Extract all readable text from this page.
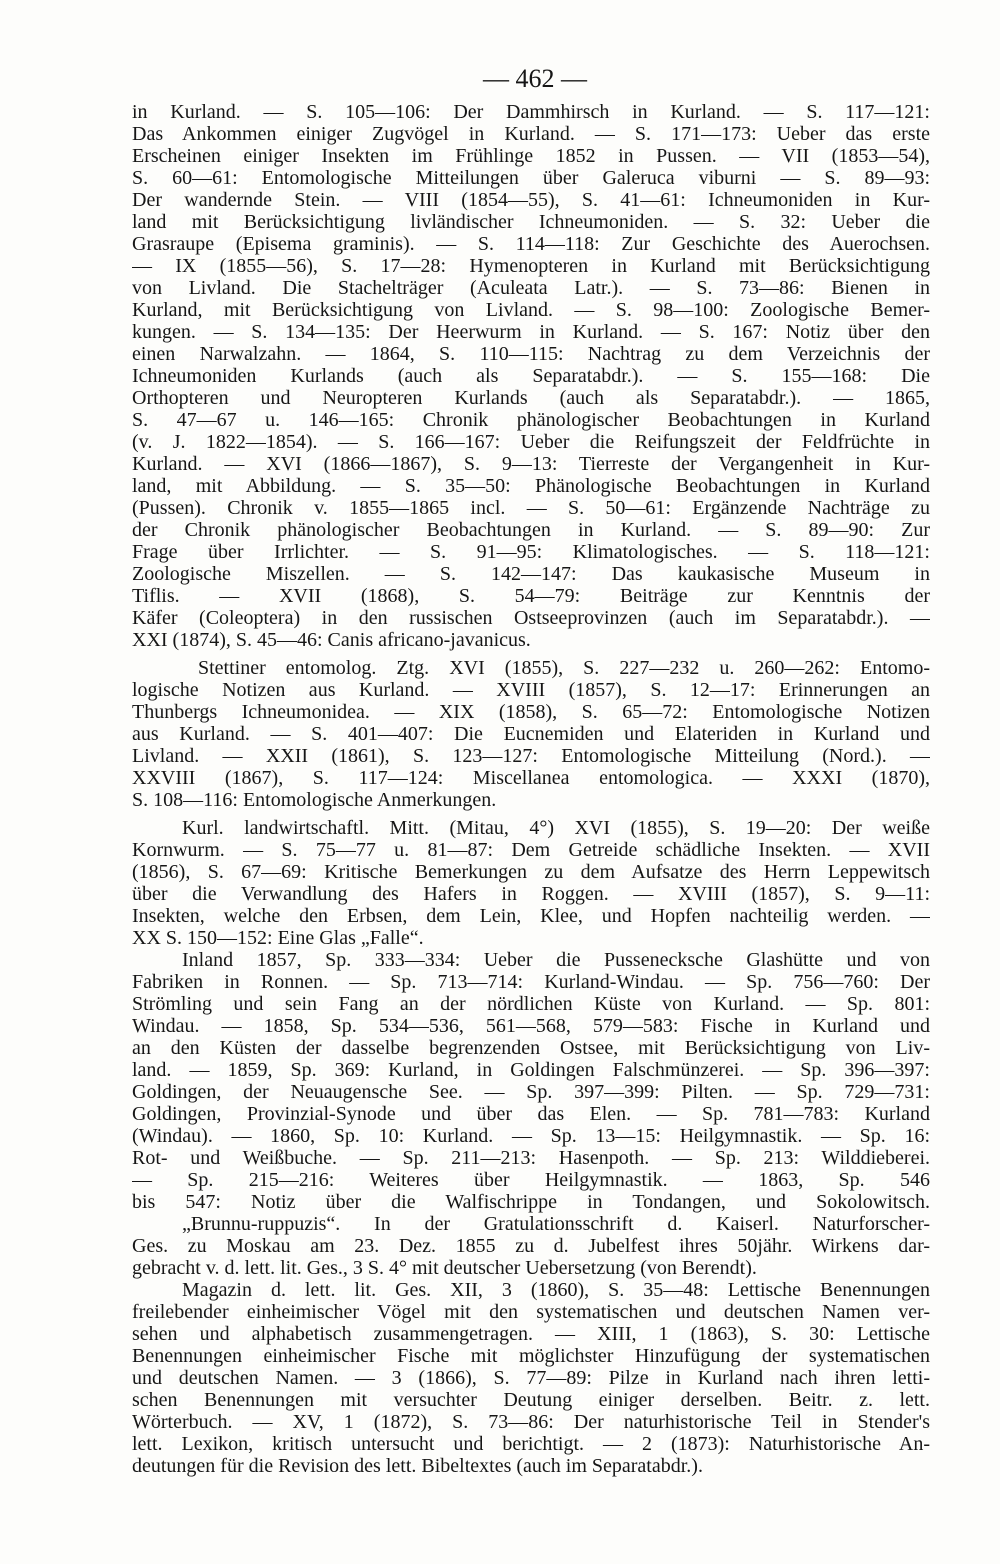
— 462 —
in Kurland. — S. 105—106: Der Dammhirsch in Kurland. — S. 117—121:
Das Ankommen einiger Zugvögel in Kurland. — S. 171—173: Ueber das erste
Erscheinen einiger Insekten im Frühlinge 1852 in Pussen. — VII (1853—54),
S. 60—61: Entomologische Mitteilungen über Galeruca viburni — S. 89—93:
Der wandernde Stein. — VIII (1854—55), S. 41—61: Ichneumoniden in Kur-
land mit Berücksichtigung livländischer Ichneumoniden. — S. 32: Ueber die
Grasraupe (Episema graminis). — S. 114—118: Zur Geschichte des Auerochsen.
— IX (1855—56), S. 17—28: Hymenopteren in Kurland mit Berücksichtigung
von Livland. Die Stachelträger (Aculeata Latr.). — S. 73—86: Bienen in
Kurland, mit Berücksichtigung von Livland. — S. 98—100: Zoologische Bemer-
kungen. — S. 134—135: Der Heerwurm in Kurland. — S. 167: Notiz über den
einen Narwalzahn. — 1864, S. 110—115: Nachtrag zu dem Verzeichnis der
Ichneumoniden Kurlands (auch als Separatabdr.). — S. 155—168: Die
Orthopteren und Neuropteren Kurlands (auch als Separatabdr.). — 1865,
S. 47—67 u. 146—165: Chronik phänologischer Beobachtungen in Kurland
(v. J. 1822—1854). — S. 166—167: Ueber die Reifungszeit der Feldfrüchte in
Kurland. — XVI (1866—1867), S. 9—13: Tierreste der Vergangenheit in Kur-
land, mit Abbildung. — S. 35—50: Phänologische Beobachtungen in Kurland
(Pussen). Chronik v. 1855—1865 incl. — S. 50—61: Ergänzende Nachträge zu
der Chronik phänologischer Beobachtungen in Kurland. — S. 89—90: Zur
Frage über Irrlichter. — S. 91—95: Klimatologisches. — S. 118—121:
Zoologische Miszellen. — S. 142—147: Das kaukasische Museum in
Tiflis. — XVII (1868), S. 54—79: Beiträge zur Kenntnis der
Käfer (Coleoptera) in den russischen Ostseeprovinzen (auch im Separatabdr.). —
XXI (1874), S. 45—46: Canis africano-javanicus.
Stettiner entomolog. Ztg. XVI (1855), S. 227—232 u. 260—262: Entomo-
logische Notizen aus Kurland. — XVIII (1857), S. 12—17: Erinnerungen an
Thunbergs Ichneumonidea. — XIX (1858), S. 65—72: Entomologische Notizen
aus Kurland. — S. 401—407: Die Eucnemiden und Elateriden in Kurland und
Livland. — XXII (1861), S. 123—127: Entomologische Mitteilung (Nord.). —
XXVIII (1867), S. 117—124: Miscellanea entomologica. — XXXI (1870),
S. 108—116: Entomologische Anmerkungen.
Kurl. landwirtschaftl. Mitt. (Mitau, 4°) XVI (1855), S. 19—20: Der weiße
Kornwurm. — S. 75—77 u. 81—87: Dem Getreide schädliche Insekten. — XVII
(1856), S. 67—69: Kritische Bemerkungen zu dem Aufsatze des Herrn Leppewitsch
über die Verwandlung des Hafers in Roggen. — XVIII (1857), S. 9—11:
Insekten, welche den Erbsen, dem Lein, Klee, und Hopfen nachteilig werden. —
XX S. 150—152: Eine Glas „Falle“.
Inland 1857, Sp. 333—334: Ueber die Pussenecksche Glashütte und von
Fabriken in Ronnen. — Sp. 713—714: Kurland-Windau. — Sp. 756—760: Der
Strömling und sein Fang an der nördlichen Küste von Kurland. — Sp. 801:
Windau. — 1858, Sp. 534—536, 561—568, 579—583: Fische in Kurland und
an den Küsten der dasselbe begrenzenden Ostsee, mit Berücksichtigung von Liv-
land. — 1859, Sp. 369: Kurland, in Goldingen Falschmünzerei. — Sp. 396—397:
Goldingen, der Neuaugensche See. — Sp. 397—399: Pilten. — Sp. 729—731:
Goldingen, Provinzial-Synode und über das Elen. — Sp. 781—783: Kurland
(Windau). — 1860, Sp. 10: Kurland. — Sp. 13—15: Heilgymnastik. — Sp. 16:
Rot- und Weißbuche. — Sp. 211—213: Hasenpoth. — Sp. 213: Wilddieberei.
— Sp. 215—216: Weiteres über Heilgymnastik. — 1863, Sp. 546
bis 547: Notiz über die Walfischrippe in Tondangen, und Sokolowitsch.
„Brunnu-ruppuzis“. In der Gratulationsschrift d. Kaiserl. Naturforscher-
Ges. zu Moskau am 23. Dez. 1855 zu d. Jubelfest ihres 50jähr. Wirkens dar-
gebracht v. d. lett. lit. Ges., 3 S. 4° mit deutscher Uebersetzung (von Berendt).
Magazin d. lett. lit. Ges. XII, 3 (1860), S. 35—48: Lettische Benennungen
freilebender einheimischer Vögel mit den systematischen und deutschen Namen ver-
sehen und alphabetisch zusammengetragen. — XIII, 1 (1863), S. 30: Lettische
Benennungen einheimischer Fische mit möglichster Hinzufügung der systematischen
und deutschen Namen. — 3 (1866), S. 77—89: Pilze in Kurland nach ihren letti-
schen Benennungen mit versuchter Deutung einiger derselben. Beitr. z. lett.
Wörterbuch. — XV, 1 (1872), S. 73—86: Der naturhistorische Teil in Stender's
lett. Lexikon, kritisch untersucht und berichtigt. — 2 (1873): Naturhistorische An-
deutungen für die Revision des lett. Bibeltextes (auch im Separatabdr.).
